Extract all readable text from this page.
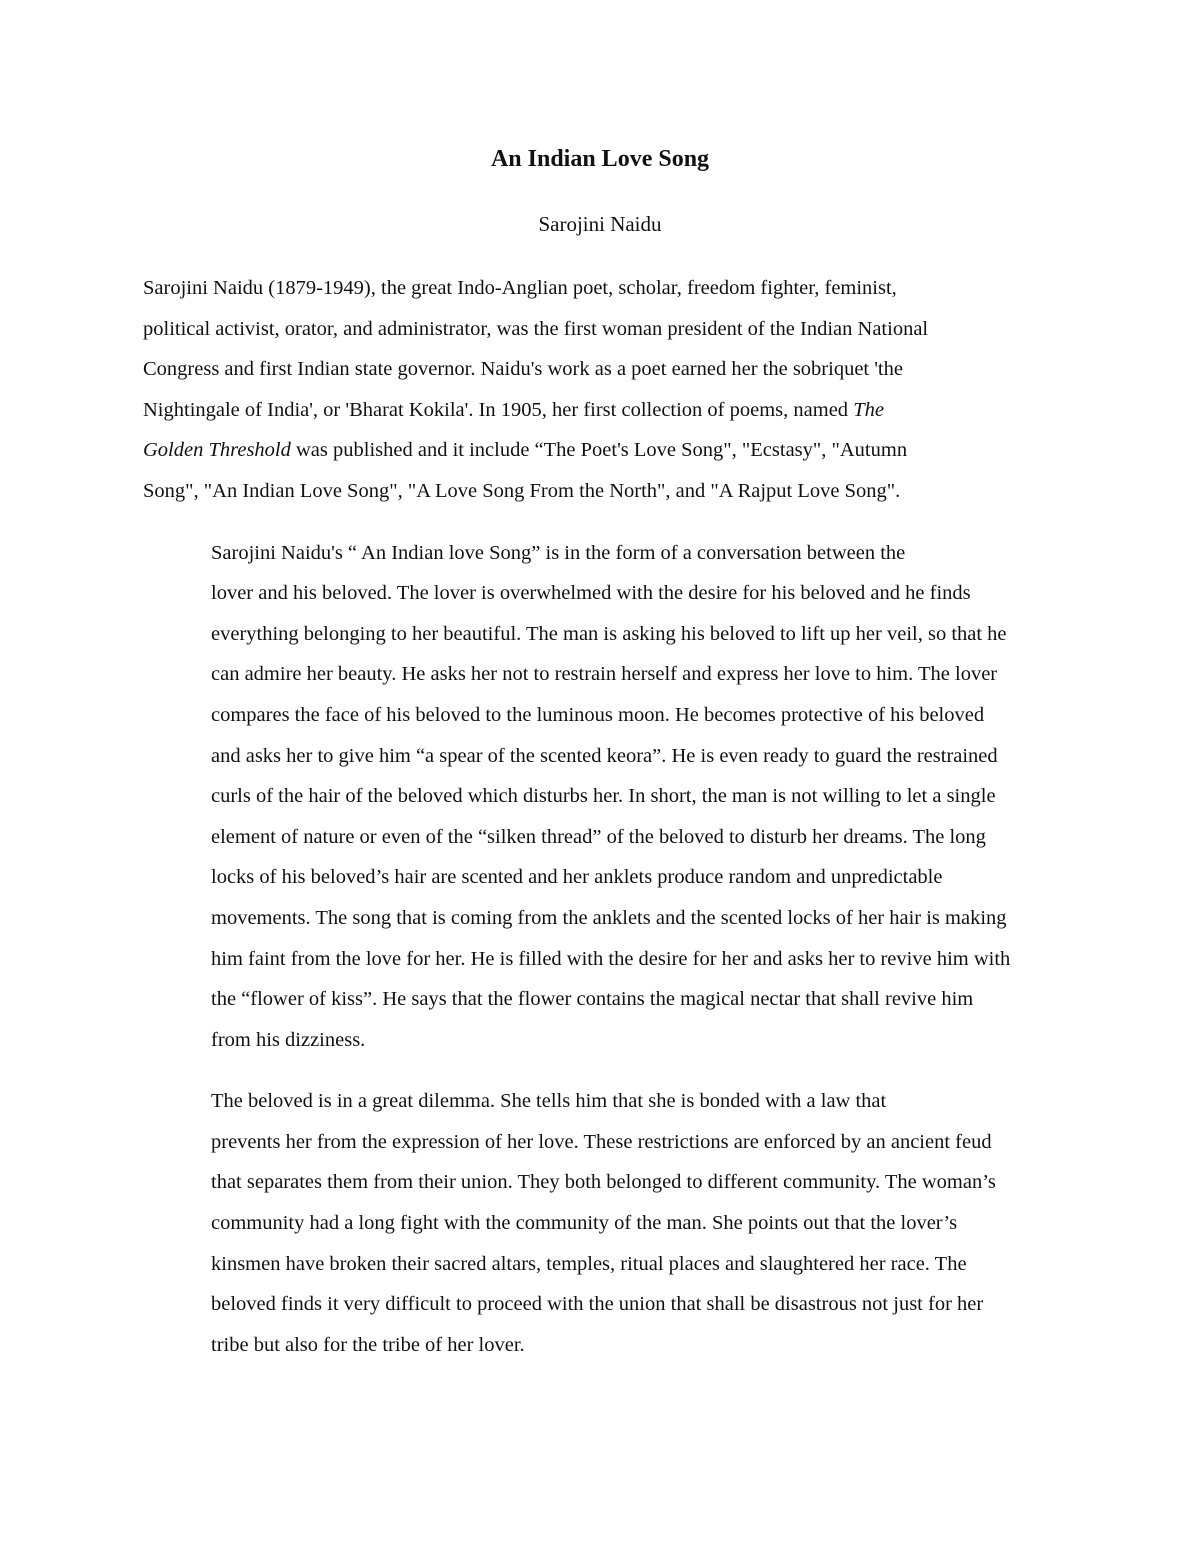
An Indian Love Song
Sarojini Naidu

Sarojini Naidu (1879-1949), the great Indo-Anglian poet, scholar, freedom fighter, feminist,
political activist, orator, and administrator, was the first woman president of the Indian National
Congress and first Indian state governor. Naidu's work as a poet earned her the sobriquet 'the
Nightingale of India', or 'Bharat Kokila'. In 1905, her first collection of poems, named The
Golden Threshold was published and it include “The Poet's Love Song", "Ecstasy", "Autumn
Song", "An Indian Love Song", "A Love Song From the North", and "A Rajput Love Song".

Sarojini Naidu's “ An Indian love Song” is in the form of a conversation between the
lover and his beloved. The lover is overwhelmed with the desire for his beloved and he finds
everything belonging to her beautiful. The man is asking his beloved to lift up her veil, so that he
can admire her beauty. He asks her not to restrain herself and express her love to him. The lover
compares the face of his beloved to the luminous moon. He becomes protective of his beloved
and asks her to give him “a spear of the scented keora”. He is even ready to guard the restrained
curls of the hair of the beloved which disturbs her. In short, the man is not willing to let a single
element of nature or even of the “silken thread” of the beloved to disturb her dreams. The long
locks of his beloved’s hair are scented and her anklets produce random and unpredictable
movements. The song that is coming from the anklets and the scented locks of her hair is making
him faint from the love for her. He is filled with the desire for her and asks her to revive him with
the “flower of kiss”. He says that the flower contains the magical nectar that shall revive him
from his dizziness.

The beloved is in a great dilemma. She tells him that she is bonded with a law that
prevents her from the expression of her love. These restrictions are enforced by an ancient feud
that separates them from their union. They both belonged to different community. The woman’s
community had a long fight with the community of the man. She points out that the lover’s
kinsmen have broken their sacred altars, temples, ritual places and slaughtered her race. The
beloved finds it very difficult to proceed with the union that shall be disastrous not just for her
tribe but also for the tribe of her lover.
